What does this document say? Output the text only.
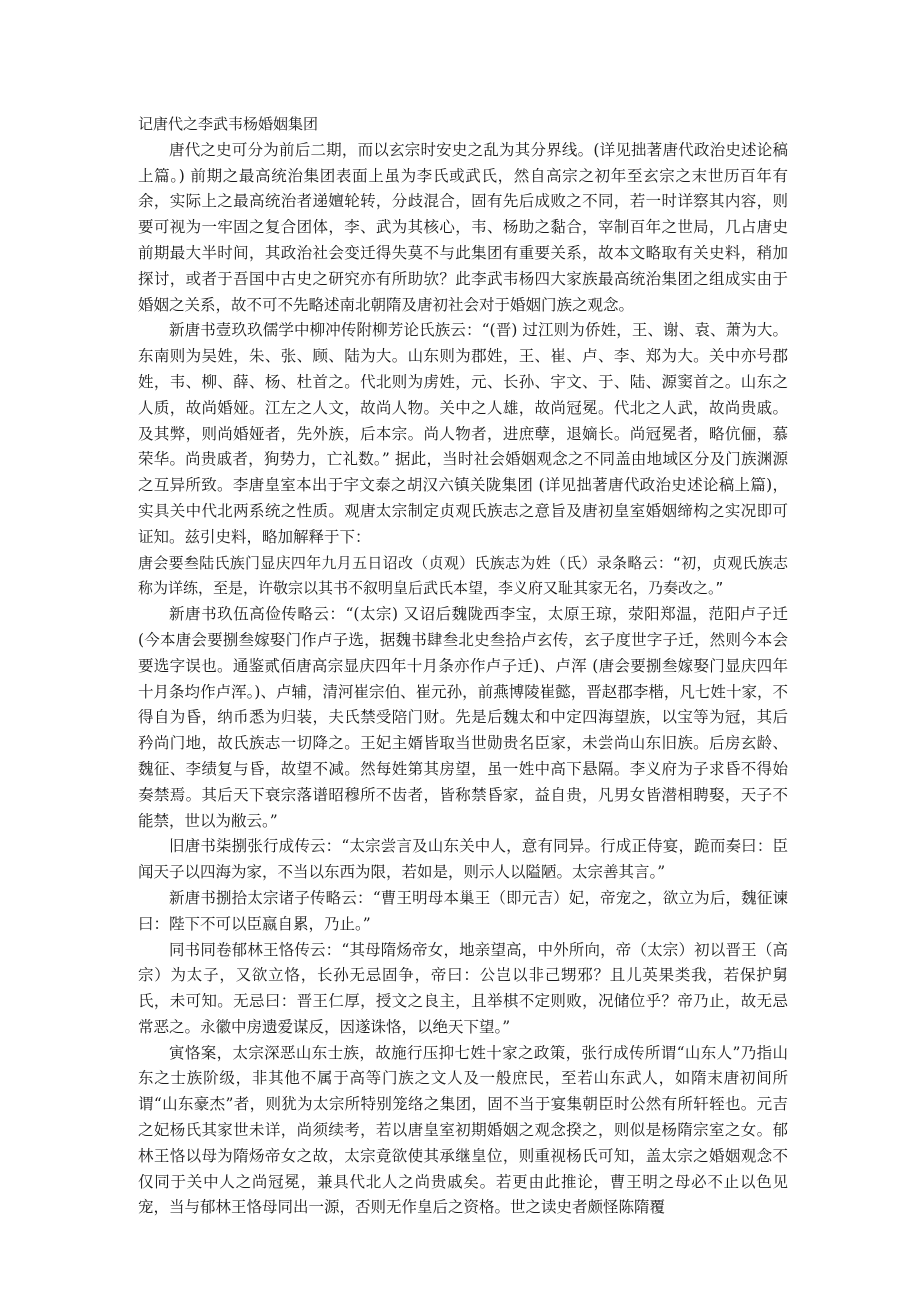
记唐代之李武韦杨婚姻集团

唐代之史可分为前后二期，而以玄宗时安史之乱为其分界线。(详见拙著唐代政治史述论稿上篇。) 前期之最高统治集团表面上虽为李氏或武氏，然自高宗之初年至玄宗之末世历百年有余，实际上之最高统治者递嬗轮转，分歧混合，固有先后成败之不同，若一时详察其内容，则要可视为一牢固之复合团体，李、武为其核心，韦、杨助之黏合，宰制百年之世局，几占唐史前期最大半时间，其政治社会变迁得失莫不与此集团有重要关系，故本文略取有关史料，稍加探讨，或者于吾国中古史之研究亦有所助欤？此李武韦杨四大家族最高统治集团之组成实由于婚姻之关系，故不可不先略述南北朝隋及唐初社会对于婚姻门族之观念。

新唐书壹玖玖儒学中柳冲传附柳芳论氏族云：“(晋) 过江则为侨姓，王、谢、袁、萧为大。东南则为吴姓，朱、张、顾、陆为大。山东则为郡姓，王、崔、卢、李、郑为大。关中亦号郡姓，韦、柳、薛、杨、杜首之。代北则为虏姓，元、长孙、宇文、于、陆、源窦首之。山东之人质，故尚婚娅。江左之人文，故尚人物。关中之人雄，故尚冠冕。代北之人武，故尚贵戚。及其弊，则尚婚娅者，先外族，后本宗。尚人物者，进庶孽，退嫡长。尚冠冕者，略伉俪，慕荣华。尚贵戚者，狥势力，亡礼数。” 据此，当时社会婚姻观念之不同盖由地域区分及门族渊源之互异所致。李唐皇室本出于宇文泰之胡汉六镇关陇集团 (详见拙著唐代政治史述论稿上篇)，实具关中代北两系统之性质。观唐太宗制定贞观氏族志之意旨及唐初皇室婚姻缔构之实况即可证知。兹引史料，略加解释于下：

唐会要叁陆氏族门显庆四年九月五日诏改（贞观）氏族志为姓（氏）录条略云：“初，贞观氏族志称为详练，至是，许敬宗以其书不叙明皇后武氏本望，李义府又耻其家无名，乃奏改之。”

新唐书玖伍高俭传略云：“(太宗) 又诏后魏陇西李宝，太原王琼，荥阳郑温，范阳卢子迁 (今本唐会要捌叁嫁娶门作卢子选，据魏书肆叁北史叁拾卢玄传，玄子度世字子迁，然则今本会要选字误也。通鉴贰佰唐高宗显庆四年十月条亦作卢子迁)、卢浑 (唐会要捌叁嫁娶门显庆四年十月条均作卢浑。)、卢辅，清河崔宗伯、崔元孙，前燕博陵崔懿，晋赵郡李楷，凡七姓十家，不得自为昏，纳币悉为归装，夫氏禁受陪门财。先是后魏太和中定四海望族，以宝等为冠，其后矜尚门地，故氏族志一切降之。王妃主婿皆取当世勋贵名臣家，未尝尚山东旧族。后房玄龄、魏征、李绩复与昏，故望不减。然每姓第其房望，虽一姓中高下悬隔。李义府为子求昏不得始奏禁焉。其后天下衰宗落谱昭穆所不齿者，皆称禁昏家，益自贵，凡男女皆潜相聘娶，天子不能禁，世以为敝云。”

旧唐书柒捌张行成传云：“太宗尝言及山东关中人，意有同异。行成正侍宴，跪而奏曰：臣闻天子以四海为家，不当以东西为限，若如是，则示人以隘陋。太宗善其言。”

新唐书捌拾太宗诸子传略云：“曹王明母本巢王（即元吉）妃，帝宠之，欲立为后，魏征谏曰：陛下不可以臣嬴自累，乃止。”

同书同卷郁林王恪传云：“其母隋炀帝女，地亲望高，中外所向，帝（太宗）初以晋王（高宗）为太子，又欲立恪，长孙无忌固争，帝曰：公岂以非己甥邪？且儿英果类我，若保护舅氏，未可知。无忌曰：晋王仁厚，授文之良主，且举棋不定则败，况储位乎？帝乃止，故无忌常恶之。永徽中房遗爱谋反，因遂诛恪，以绝天下望。”

寅恪案，太宗深恶山东士族，故施行压抑七姓十家之政策，张行成传所谓“山东人”乃指山东之士族阶级，非其他不属于高等门族之文人及一般庶民，至若山东武人，如隋末唐初间所谓“山东豪杰”者，则犹为太宗所特别笼络之集团，固不当于宴集朝臣时公然有所轩轾也。元吉之妃杨氏其家世未详，尚须续考，若以唐皇室初期婚姻之观念揆之，则似是杨隋宗室之女。郁林王恪以母为隋炀帝女之故，太宗竟欲使其承继皇位，则重视杨氏可知，盖太宗之婚姻观念不仅同于关中人之尚冠冕，兼具代北人之尚贵戚矣。若更由此推论，曹王明之母必不止以色见宠，当与郁林王恪母同出一源，否则无作皇后之资格。世之读史者颇怪陈隋覆
